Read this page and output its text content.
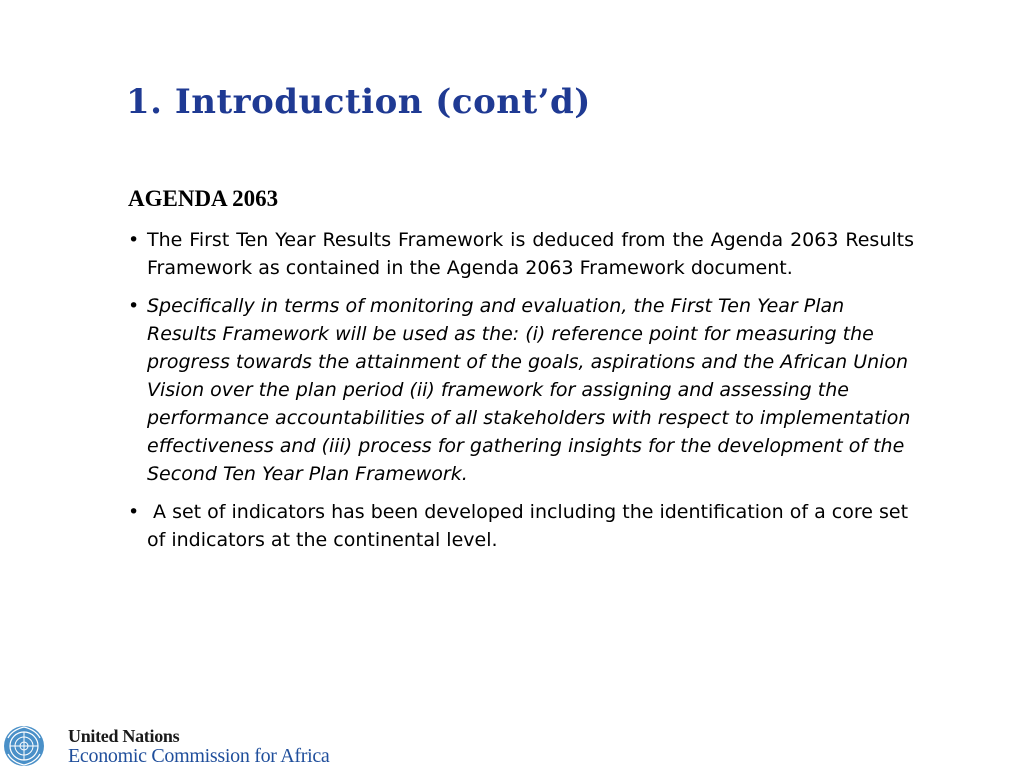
1. Introduction (cont’d)
AGENDA 2063
• The First Ten Year Results Framework is deduced from the Agenda 2063 Results Framework as contained in the Agenda 2063 Framework document.
• Specifically in terms of monitoring and evaluation, the First Ten Year Plan Results Framework will be used as the: (i) reference point for measuring the progress towards the attainment of the goals, aspirations and the African Union Vision over the plan period (ii) framework for assigning and assessing the performance accountabilities of all stakeholders with respect to implementation effectiveness and (iii) process for gathering insights for the development of the Second Ten Year Plan Framework.
• A set of indicators has been developed including the identification of a core set of indicators at the continental level.
United Nations
Economic Commission for Africa
